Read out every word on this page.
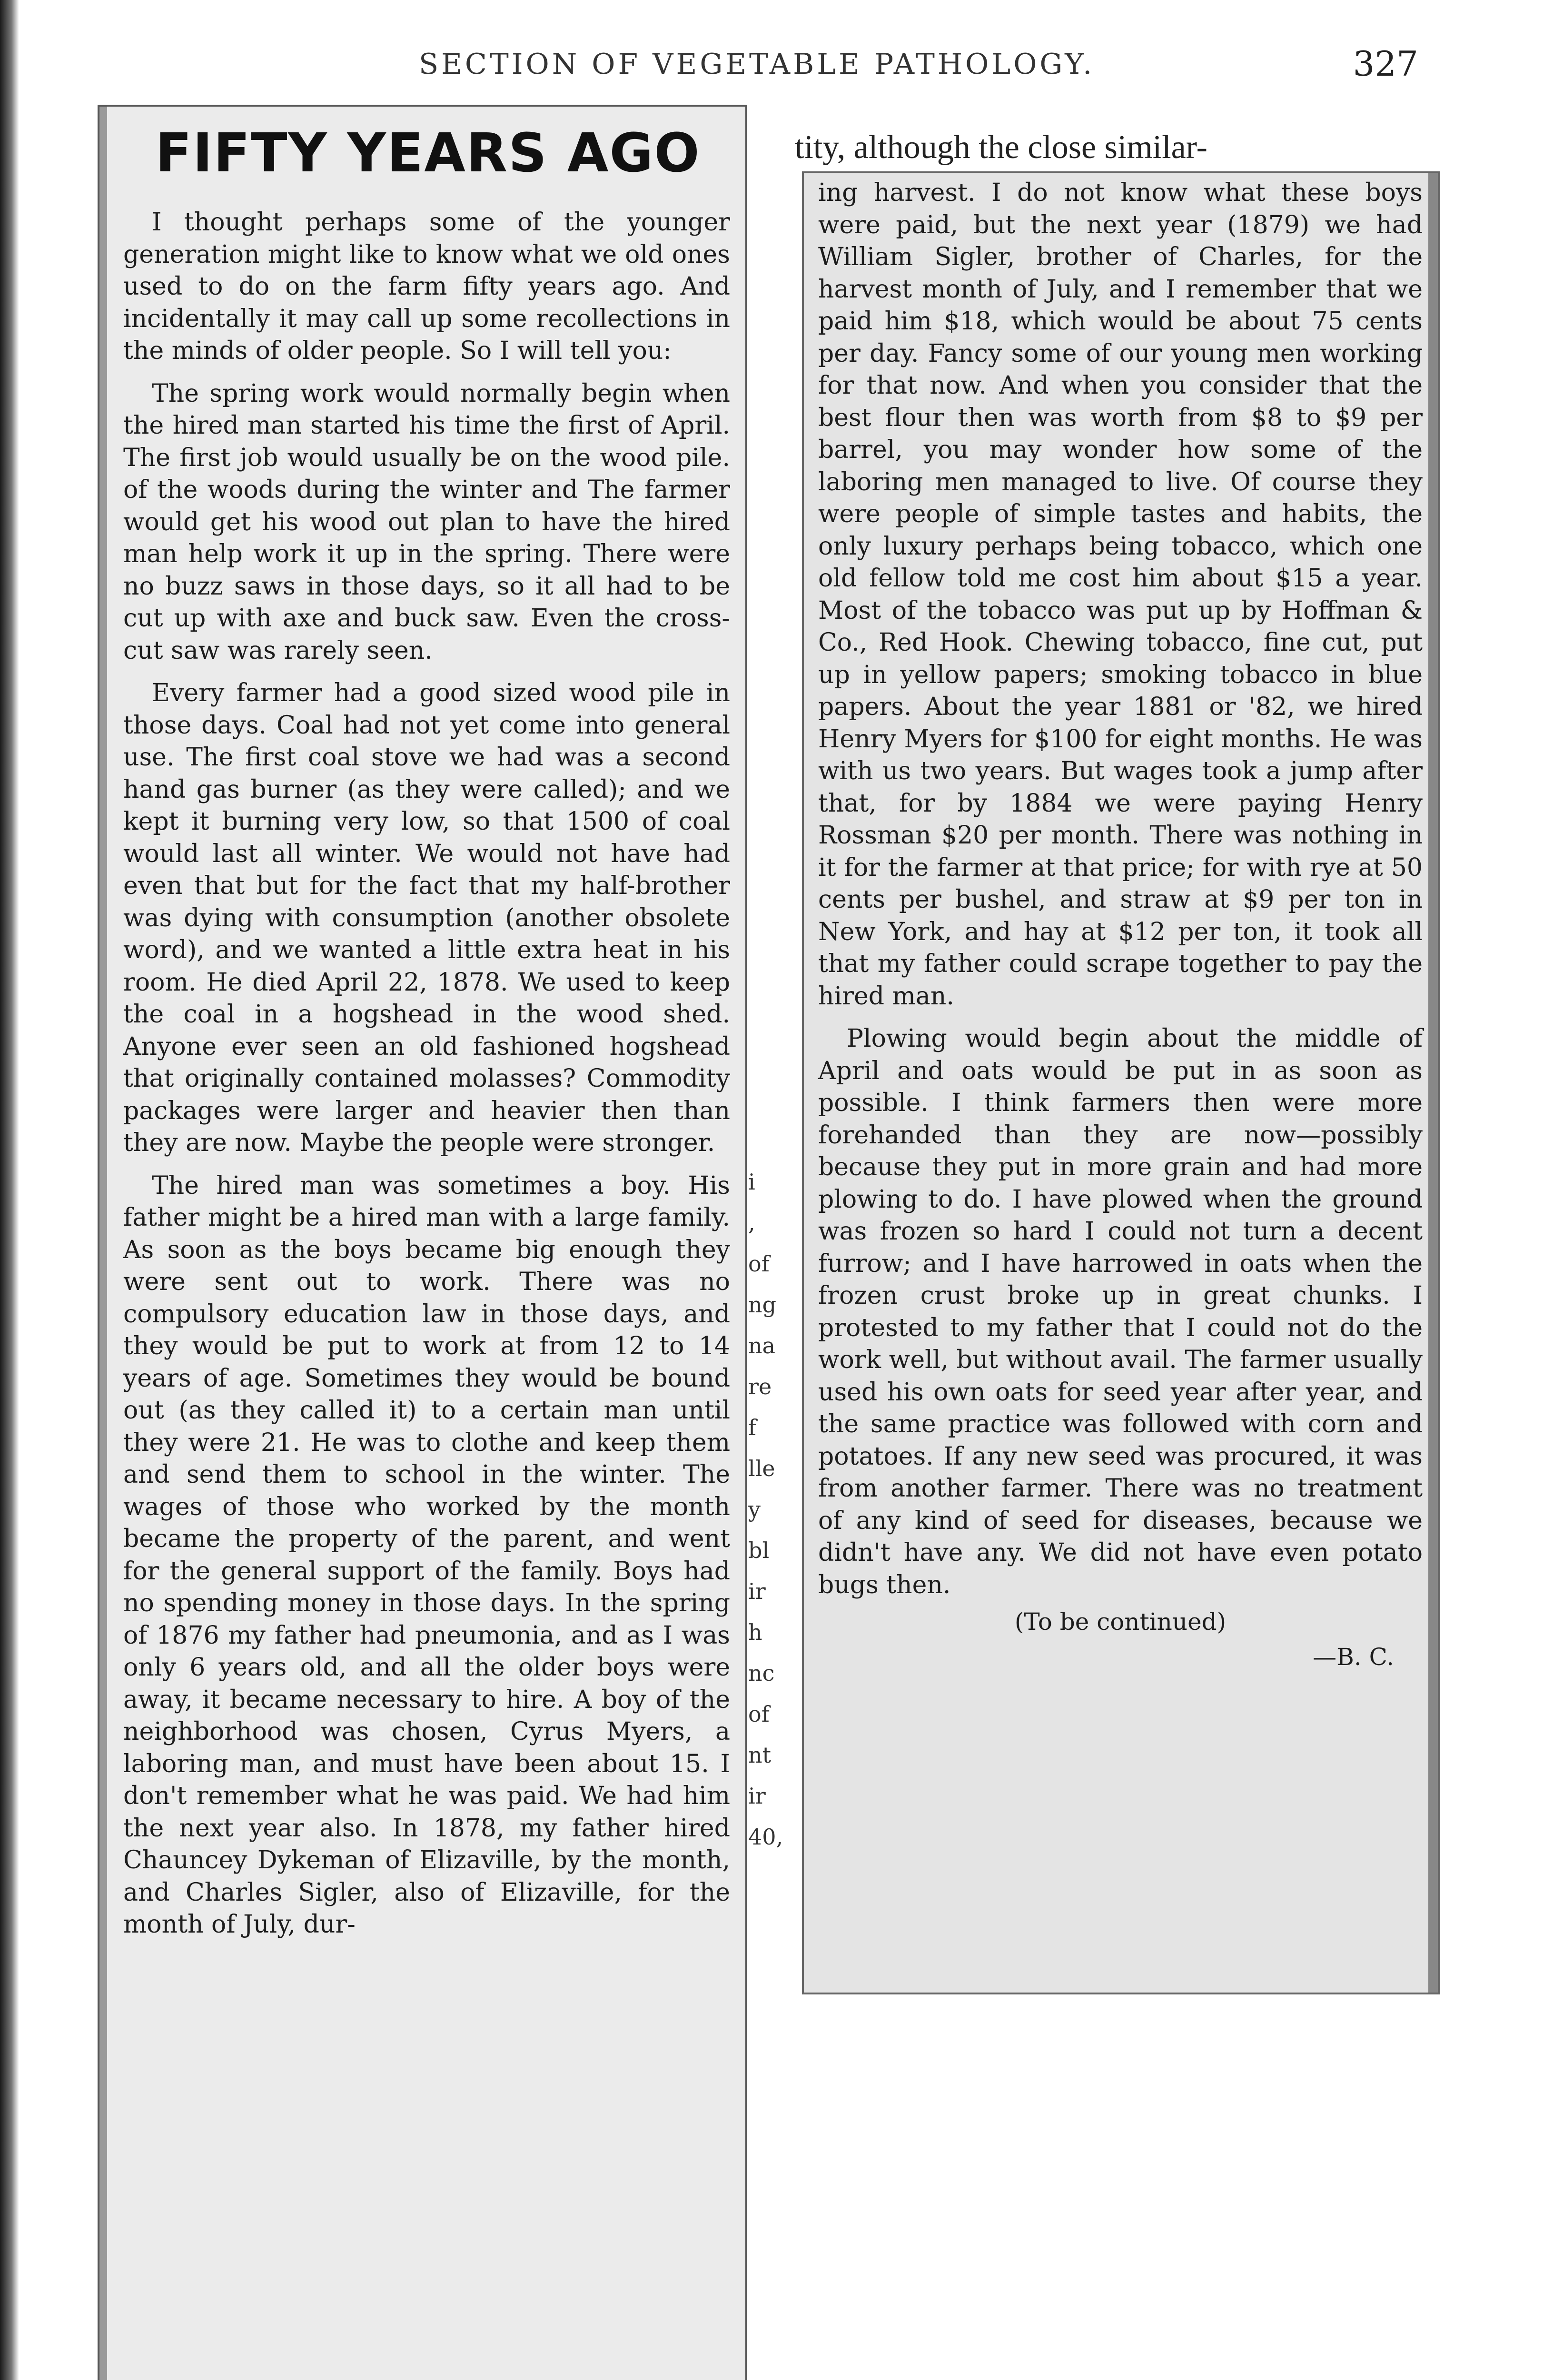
SECTION OF VEGETABLE PATHOLOGY.	327
tity, although the close similar-
FIFTY YEARS AGO

I thought perhaps some of the younger generation might like to know what we old ones used to do on the farm fifty years ago. And incidentally it may call up some recollections in the minds of older people. So I will tell you:

The spring work would normally begin when the hired man started his time the first of April. The first job would usually be on the wood pile. of the woods during the winter and The farmer would get his wood out plan to have the hired man help work it up in the spring. There were no buzz saws in those days, so it all had to be cut up with axe and buck saw. Even the cross-cut saw was rarely seen.

Every farmer had a good sized wood pile in those days. Coal had not yet come into general use. The first coal stove we had was a second hand gas burner (as they were called); and we kept it burning very low, so that 1500 of coal would last all winter. We would not have had even that but for the fact that my half-brother was dying with consumption (another obsolete word), and we wanted a little extra heat in his room. He died April 22, 1878. We used to keep the coal in a hogshead in the wood shed. Anyone ever seen an old fashioned hogshead that originally contained molasses? Commodity packages were larger and heavier then than they are now. Maybe the people were stronger.

The hired man was sometimes a boy. His father might be a hired man with a large family. As soon as the boys became big enough they were sent out to work. There was no compulsory education law in those days, and they would be put to work at from 12 to 14 years of age. Sometimes they would be bound out (as they called it) to a certain man until they were 21. He was to clothe and keep them and send them to school in the winter. The wages of those who worked by the month became the property of the parent, and went for the general support of the family. Boys had no spending money in those days. In the spring of 1876 my father had pneumonia, and as I was only 6 years old, and all the older boys were away, it became necessary to hire. A boy of the neighborhood was chosen, Cyrus Myers, a laboring man, and must have been about 15. I don't remember what he was paid. We had him the next year also. In 1878, my father hired Chauncey Dykeman of Elizaville, by the month, and Charles Sigler, also of Elizaville, for the month of July, dur-

i
,
of
ng
na
re
f
lle
y
bl
ir
h
nc
of
nt
ir
40,

ing harvest. I do not know what these boys were paid, but the next year (1879) we had William Sigler, brother of Charles, for the harvest month of July, and I remember that we paid him $18, which would be about 75 cents per day. Fancy some of our young men working for that now. And when you consider that the best flour then was worth from $8 to $9 per barrel, you may wonder how some of the laboring men managed to live. Of course they were people of simple tastes and habits, the only luxury perhaps being tobacco, which one old fellow told me cost him about $15 a year. Most of the tobacco was put up by Hoffman & Co., Red Hook. Chewing tobacco, fine cut, put up in yellow papers; smoking tobacco in blue papers. About the year 1881 or '82, we hired Henry Myers for $100 for eight months. He was with us two years. But wages took a jump after that, for by 1884 we were paying Henry Rossman $20 per month. There was nothing in it for the farmer at that price; for with rye at 50 cents per bushel, and straw at $9 per ton in New York, and hay at $12 per ton, it took all that my father could scrape together to pay the hired man.

Plowing would begin about the middle of April and oats would be put in as soon as possible. I think farmers then were more forehanded than they are now—possibly because they put in more grain and had more plowing to do. I have plowed when the ground was frozen so hard I could not turn a decent furrow; and I have harrowed in oats when the frozen crust broke up in great chunks. I protested to my father that I could not do the work well, but without avail. The farmer usually used his own oats for seed year after year, and the same practice was followed with corn and potatoes. If any new seed was procured, it was from another farmer. There was no treatment of any kind of seed for diseases, because we didn't have any. We did not have even potato bugs then.

(To be continued)

—B. C.
